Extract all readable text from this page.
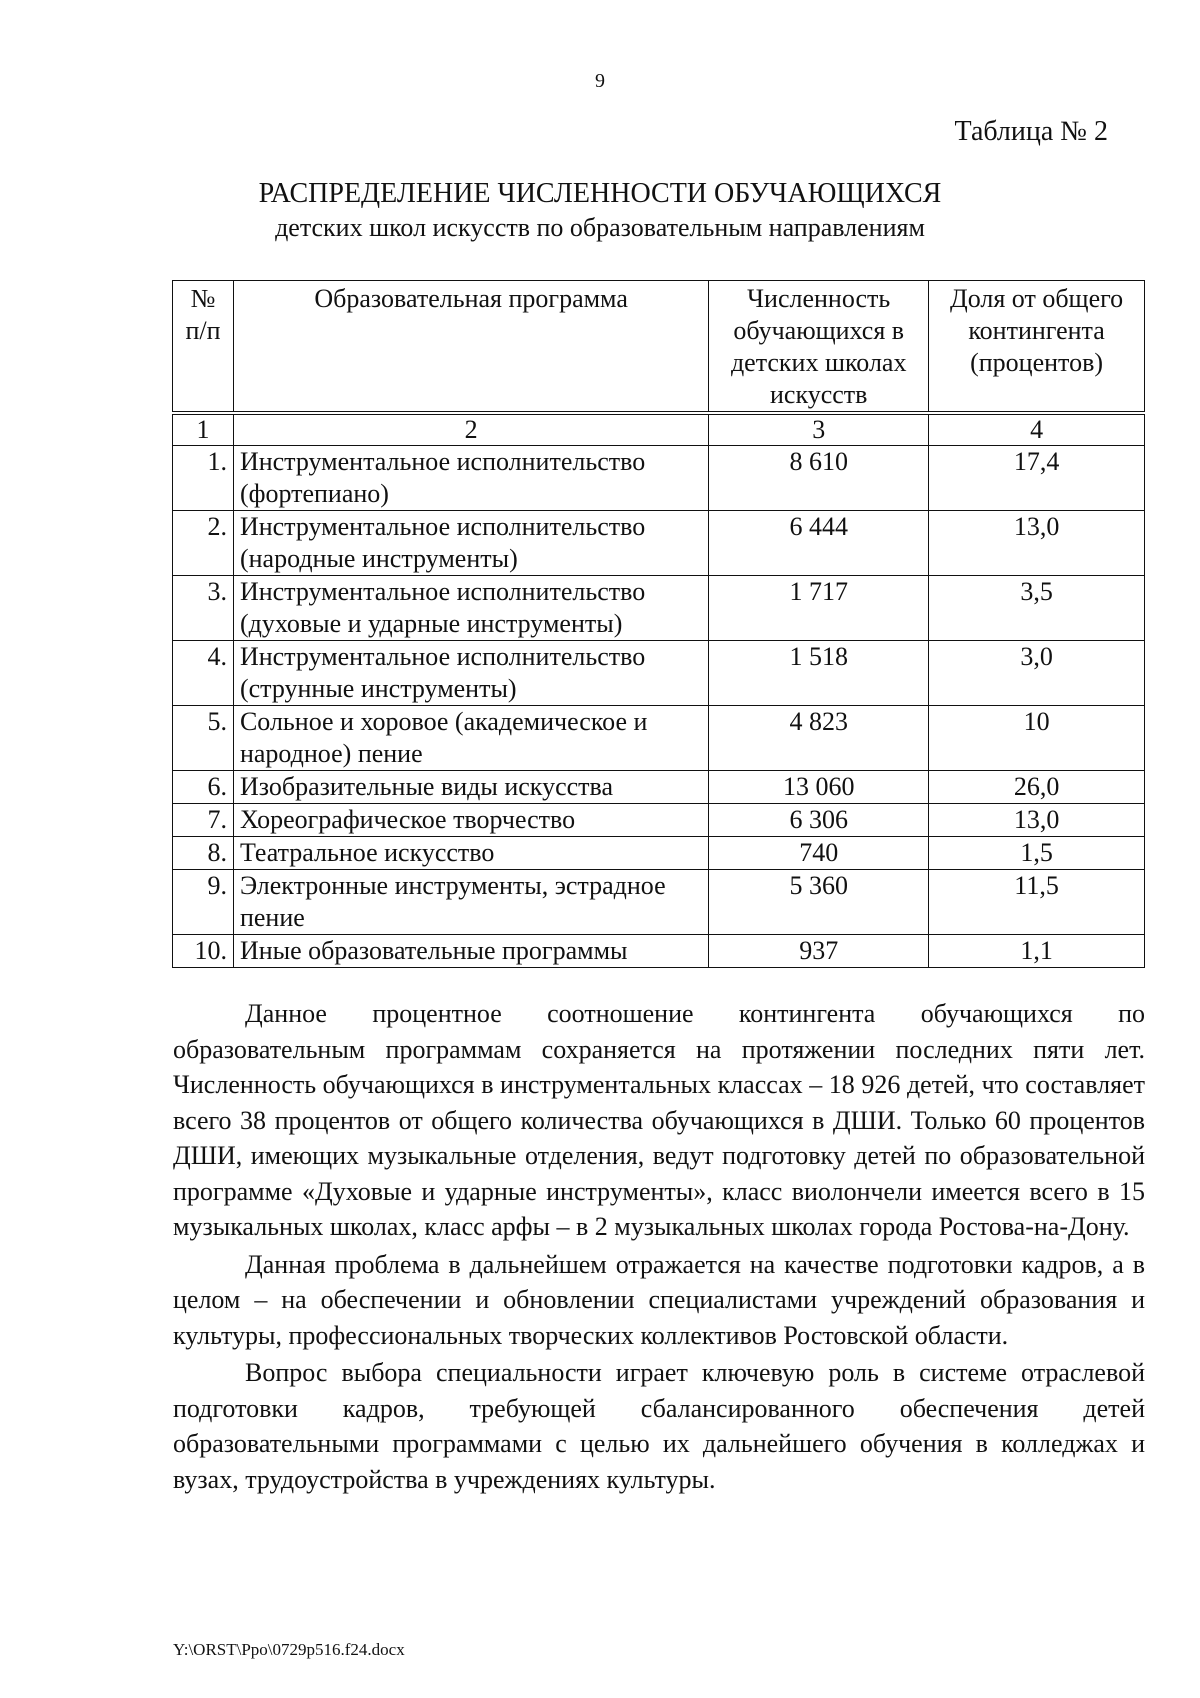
9
Таблица № 2
РАСПРЕДЕЛЕНИЕ ЧИСЛЕННОСТИ ОБУЧАЮЩИХСЯ
детских школ искусств по образовательным направлениям
№ п/п	Образовательная программа	Численность обучающихся в детских школах искусств	Доля от общего контингента (процентов)
1	2	3	4
1.	Инструментальное исполнительство (фортепиано)	8 610	17,4
2.	Инструментальное исполнительство (народные инструменты)	6 444	13,0
3.	Инструментальное исполнительство (духовые и ударные инструменты)	1 717	3,5
4.	Инструментальное исполнительство (струнные инструменты)	1 518	3,0
5.	Сольное и хоровое (академическое и народное) пение	4 823	10
6.	Изобразительные виды искусства	13 060	26,0
7.	Хореографическое творчество	6 306	13,0
8.	Театральное искусство	740	1,5
9.	Электронные инструменты, эстрадное пение	5 360	11,5
10.	Иные образовательные программы	937	1,1

Данное процентное соотношение контингента обучающихся по образовательным программам сохраняется на протяжении последних пяти лет. Численность обучающихся в инструментальных классах – 18 926 детей, что составляет всего 38 процентов от общего количества обучающихся в ДШИ. Только 60 процентов ДШИ, имеющих музыкальные отделения, ведут подготовку детей по образовательной программе «Духовые и ударные инструменты», класс виолончели имеется всего в 15 музыкальных школах, класс арфы – в 2 музыкальных школах города Ростова-на-Дону.

Данная проблема в дальнейшем отражается на качестве подготовки кадров, а в целом – на обеспечении и обновлении специалистами учреждений образования и культуры, профессиональных творческих коллективов Ростовской области.

Вопрос выбора специальности играет ключевую роль в системе отраслевой подготовки кадров, требующей сбалансированного обеспечения детей образовательными программами с целью их дальнейшего обучения в колледжах и вузах, трудоустройства в учреждениях культуры.

Y:\ORST\Ppo\0729p516.f24.docx
